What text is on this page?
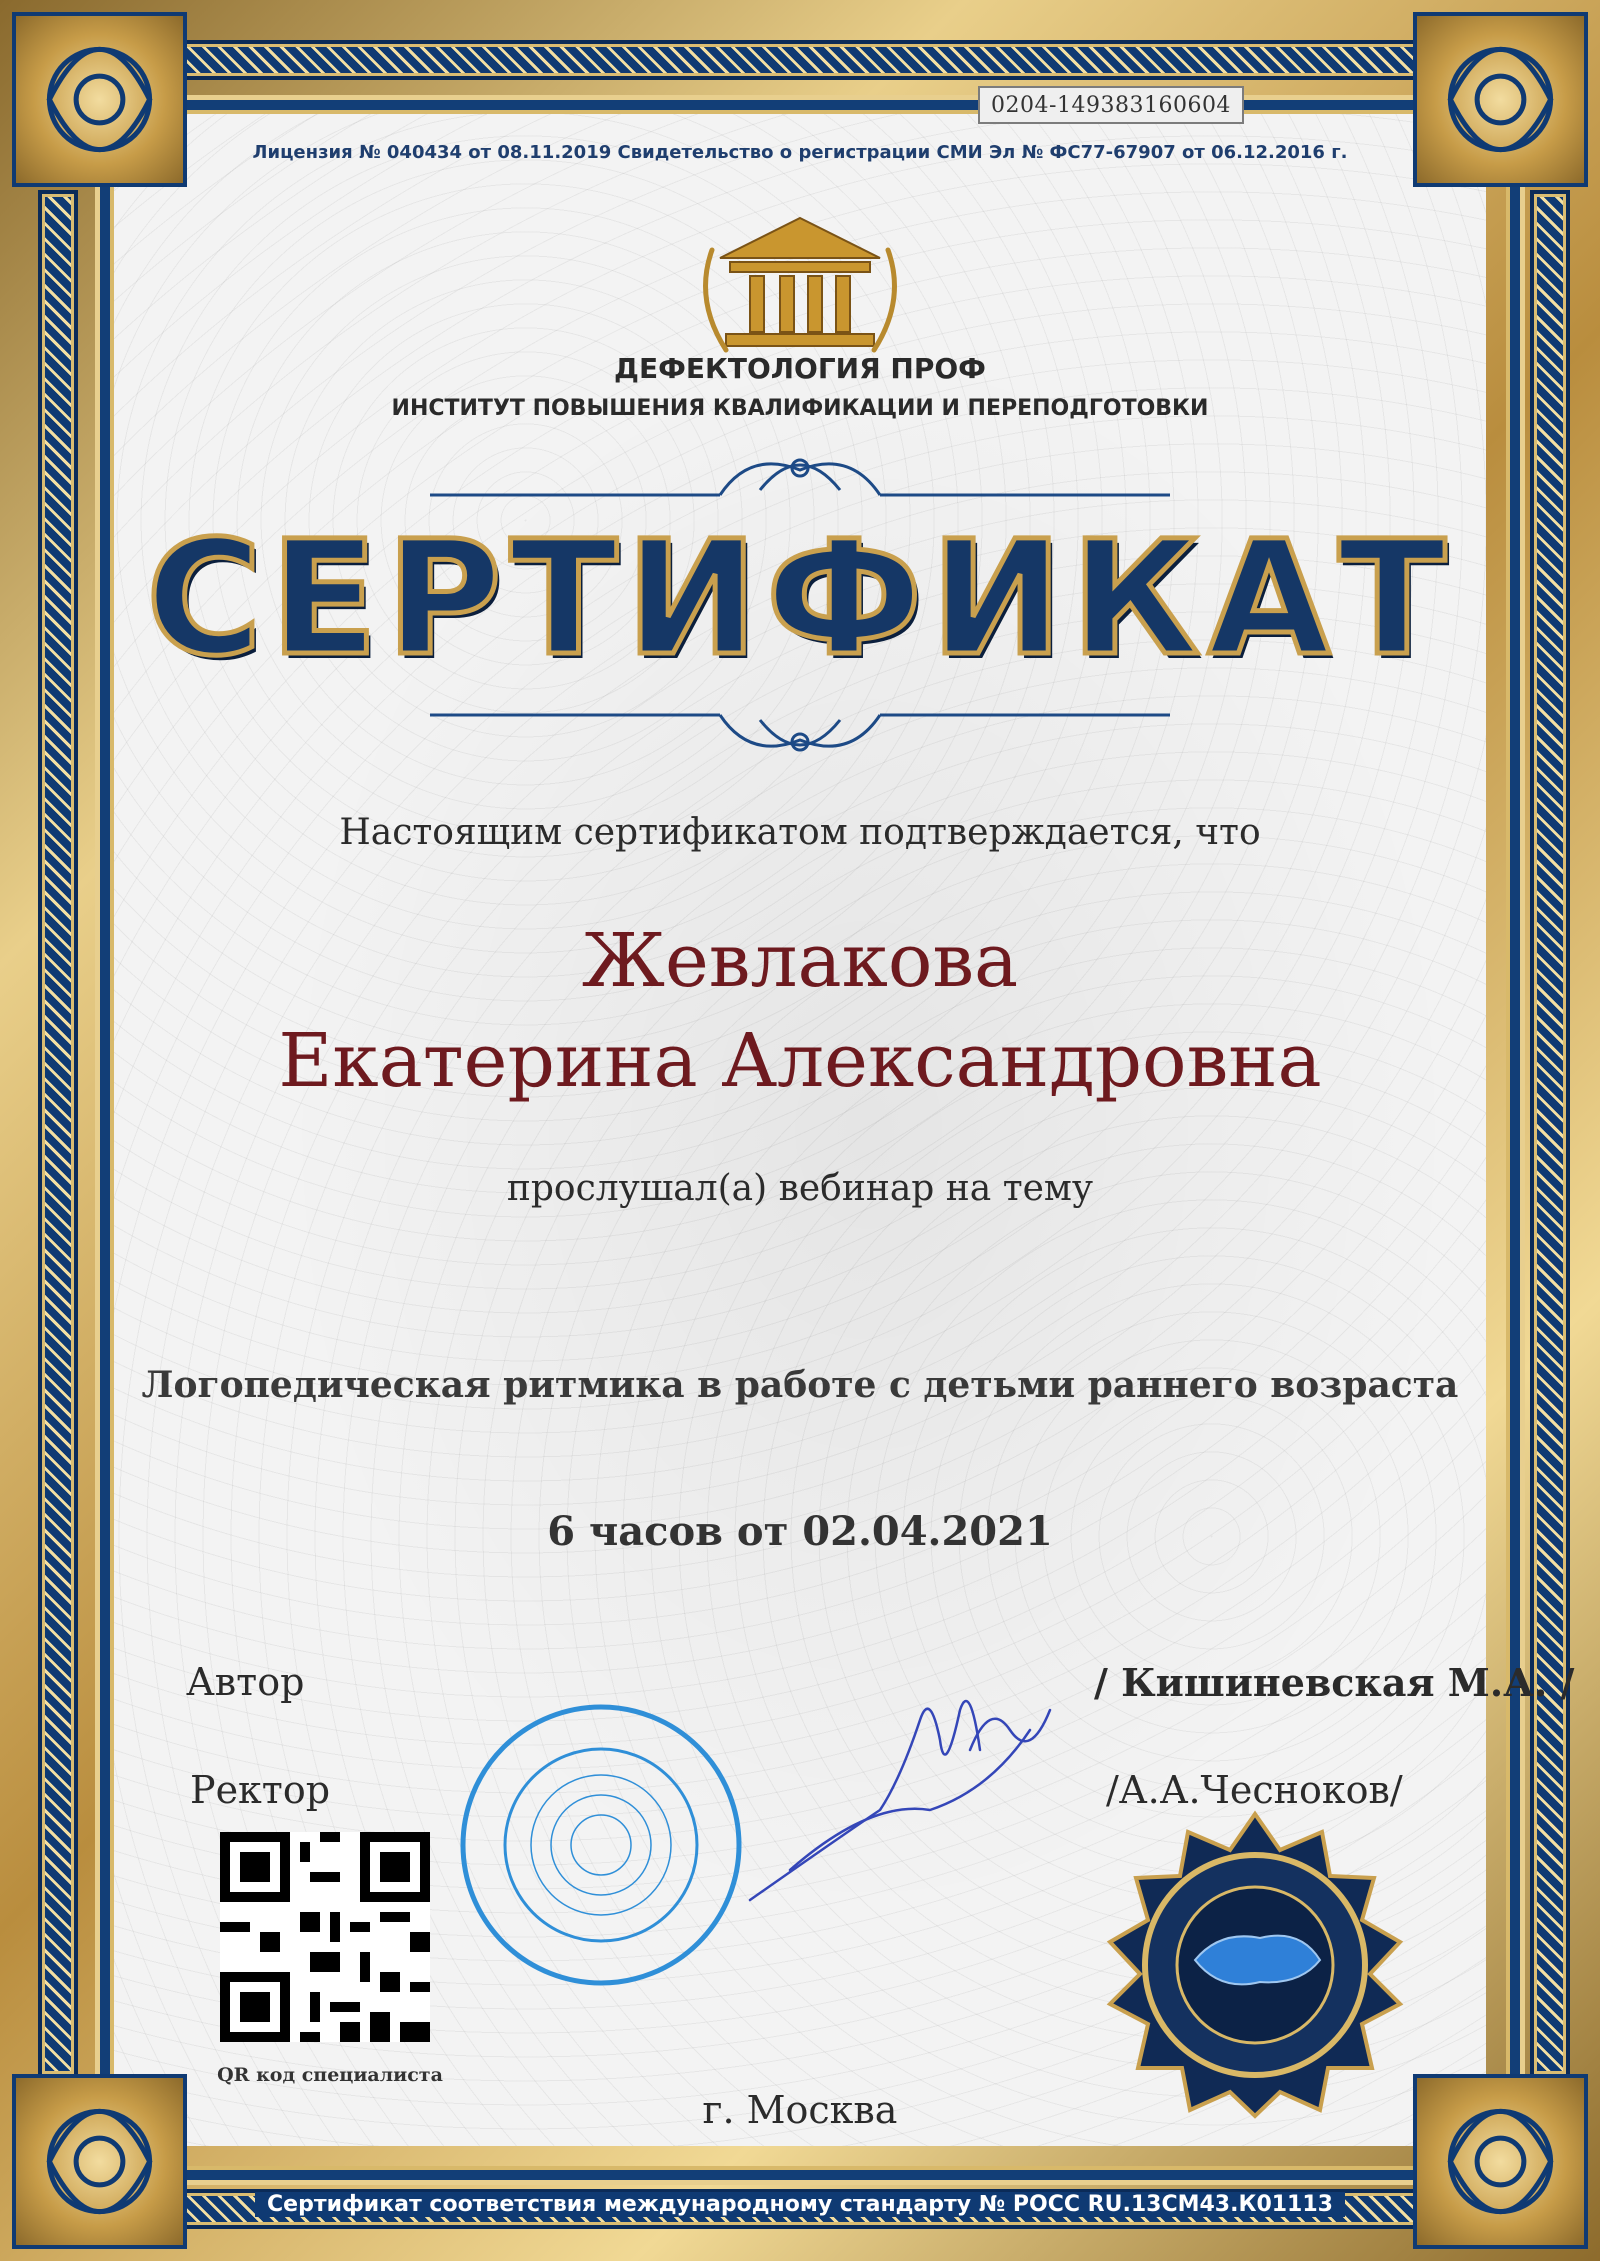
0204-149383160604
Лицензия № 040434 от 08.11.2019 Свидетельство о регистрации СМИ Эл № ФС77-67907 от 06.12.2016 г.
ДЕФЕКТОЛОГИЯ ПРОФ
ИНСТИТУТ ПОВЫШЕНИЯ КВАЛИФИКАЦИИ И ПЕРЕПОДГОТОВКИ
СЕРТИФИКАТ
Настоящим сертификатом подтверждается, что
Жевлакова
Екатерина Александровна
прослушал(а) вебинар на тему
Логопедическая ритмика в работе с детьми раннего возраста
6 часов от 02.04.2021
Автор	/ Кишиневская М.А. /
Ректор	/А.А.Чесноков/
QR код специалиста
г. Москва
Сертификат соответствия международному стандарту № РОСС RU.13СМ43.К01113
